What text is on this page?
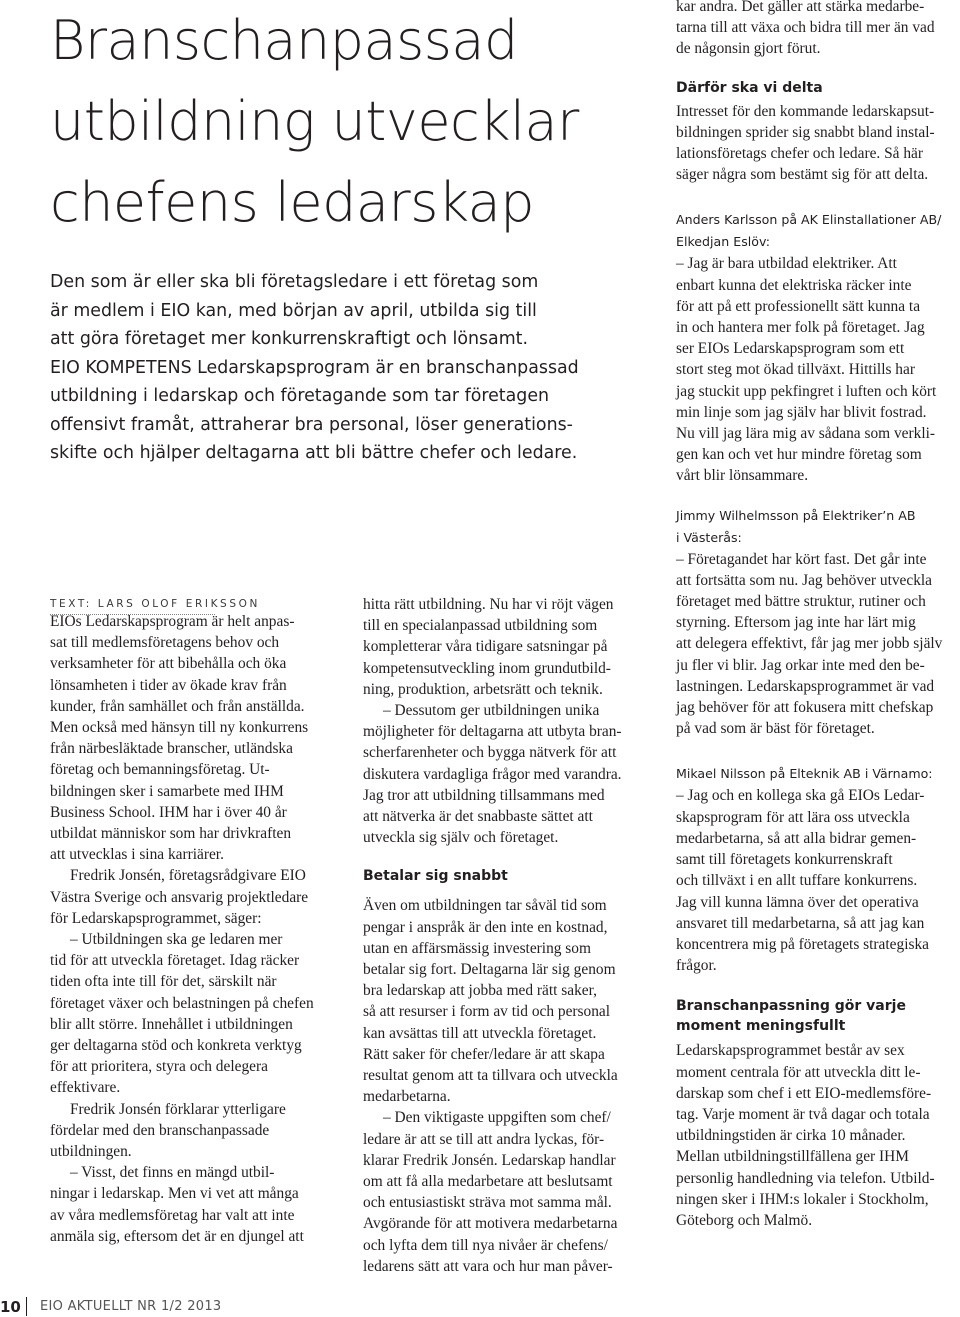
Branschanpassad
utbildning utvecklar
chefens ledarskap
Den som är eller ska bli företagsledare i ett företag som
är medlem i EIO kan, med början av april, utbilda sig till
att göra företaget mer konkurrenskraftigt och lönsamt.
EIO KOMPETENS Ledarskapsprogram är en branschanpassad
utbildning i ledarskap och företagande som tar företagen
offensivt framåt, attraherar bra personal, löser generations-
skifte och hjälper deltagarna att bli bättre chefer och ledare.
TEXT: LARS OLOF ERIKSSON
EIOs Ledarskapsprogram är helt anpas-
sat till medlemsföretagens behov och
verksamheter för att bibehålla och öka
lönsamheten i tider av ökade krav från
kunder, från samhället och från anställda.
Men också med hänsyn till ny konkurrens
från närbesläktade branscher, utländska
företag och bemanningsföretag. Ut-
bildningen sker i samarbete med IHM
Business School. IHM har i över 40 år
utbildat människor som har drivkraften
att utvecklas i sina karriärer.
Fredrik Jonsén, företagsrådgivare EIO
Västra Sverige och ansvarig projektledare
för Ledarskapsprogrammet, säger:
– Utbildningen ska ge ledaren mer
tid för att utveckla företaget. Idag räcker
tiden ofta inte till för det, särskilt när
företaget växer och belastningen på chefen
blir allt större. Innehållet i utbildningen
ger deltagarna stöd och konkreta verktyg
för att prioritera, styra och delegera
effektivare.
Fredrik Jonsén förklarar ytterligare
fördelar med den branschanpassade
utbildningen.
– Visst, det finns en mängd utbil-
ningar i ledarskap. Men vi vet att många
av våra medlemsföretag har valt att inte
anmäla sig, eftersom det är en djungel att
hitta rätt utbildning. Nu har vi röjt vägen
till en specialanpassad utbildning som
kompletterar våra tidigare satsningar på
kompetensutveckling inom grundutbild-
ning, produktion, arbetsrätt och teknik.
– Dessutom ger utbildningen unika
möjligheter för deltagarna att utbyta bran-
scherfarenheter och bygga nätverk för att
diskutera vardagliga frågor med varandra.
Jag tror att utbildning tillsammans med
att nätverka är det snabbaste sättet att
utveckla sig själv och företaget.
Betalar sig snabbt
Även om utbildningen tar såväl tid som
pengar i anspråk är den inte en kostnad,
utan en affärsmässig investering som
betalar sig fort. Deltagarna lär sig genom
bra ledarskap att jobba med rätt saker,
så att resurser i form av tid och personal
kan avsättas till att utveckla företaget.
Rätt saker för chefer/ledare är att skapa
resultat genom att ta tillvara och utveckla
medarbetarna.
– Den viktigaste uppgiften som chef/
ledare är att se till att andra lyckas, för-
klarar Fredrik Jonsén. Ledarskap handlar
om att få alla medarbetare att beslutsamt
och entusiastiskt sträva mot samma mål.
Avgörande för att motivera medarbetarna
och lyfta dem till nya nivåer är chefens/
ledarens sätt att vara och hur man påver-
kar andra. Det gäller att stärka medarbe-
tarna till att växa och bidra till mer än vad
de någonsin gjort förut.
Därför ska vi delta
Intresset för den kommande ledarskapsut-
bildningen sprider sig snabbt bland instal-
lationsföretags chefer och ledare. Så här
säger några som bestämt sig för att delta.
Anders Karlsson på AK Elinstallationer AB/
Elkedjan Eslöv:
– Jag är bara utbildad elektriker. Att
enbart kunna det elektriska räcker inte
för att på ett professionellt sätt kunna ta
in och hantera mer folk på företaget. Jag
ser EIOs Ledarskapsprogram som ett
stort steg mot ökad tillväxt. Hittills har
jag stuckit upp pekfingret i luften och kört
min linje som jag själv har blivit fostrad.
Nu vill jag lära mig av sådana som verkli-
gen kan och vet hur mindre företag som
vårt blir lönsammare.
Jimmy Wilhelmsson på Elektriker’n AB
i Västerås:
– Företagandet har kört fast. Det går inte
att fortsätta som nu. Jag behöver utveckla
företaget med bättre struktur, rutiner och
styrning. Eftersom jag inte har lärt mig
att delegera effektivt, får jag mer jobb själv
ju fler vi blir. Jag orkar inte med den be-
lastningen. Ledarskapsprogrammet är vad
jag behöver för att fokusera mitt chefskap
på vad som är bäst för företaget.
Mikael Nilsson på Elteknik AB i Värnamo:
– Jag och en kollega ska gå EIOs Ledar-
skapsprogram för att lära oss utveckla
medarbetarna, så att alla bidrar gemen-
samt till företagets konkurrenskraft
och tillväxt i en allt tuffare konkurrens.
Jag vill kunna lämna över det operativa
ansvaret till medarbetarna, så att jag kan
koncentrera mig på företagets strategiska
frågor.
Branschanpassning gör varje
moment meningsfullt
Ledarskapsprogrammet består av sex
moment centrala för att utveckla ditt le-
darskap som chef i ett EIO-medlemsföre-
tag. Varje moment är två dagar och totala
utbildningstiden är cirka 10 månader.
Mellan utbildningstillfällena ger IHM
personlig handledning via telefon. Utbild-
ningen sker i IHM:s lokaler i Stockholm,
Göteborg och Malmö.
10 EIO AKTUELLT NR 1/2 2013
